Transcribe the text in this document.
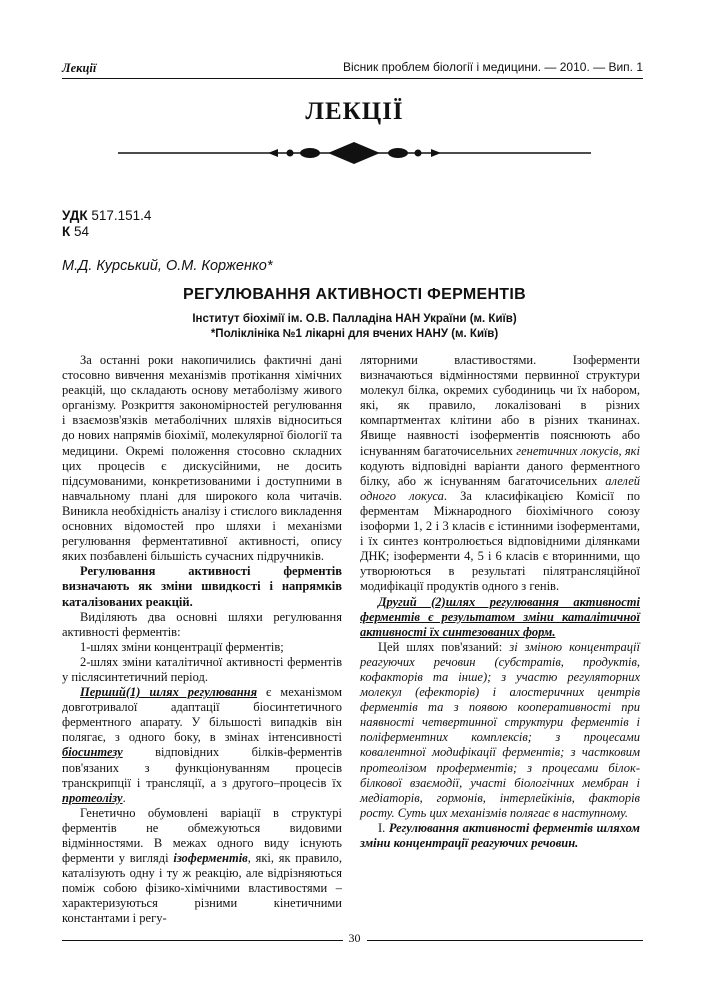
Лекції	Вісник проблем біології і медицини. — 2010. — Вип. 1
ЛЕКЦІЇ
УДК 517.151.4
К 54
М.Д. Курський, О.М. Корженко*
РЕГУЛЮВАННЯ АКТИВНОСТІ ФЕРМЕНТІВ
Інститут біохімії ім. О.В. Палладіна НАН України (м. Київ)
*Поліклініка №1 лікарні для вчених НАНУ (м. Київ)

За останні роки накопичились фактичні дані стосовно вивчення механізмів протікання хімічних реакцій, що складають основу метаболізму живого організму. Розкриття закономірностей регулювання і взаємозв'язків метаболічних шляхів відноситься до нових напрямів біохімії, молекулярної біології та медицини. Окремі положення стосовно складних цих процесів є дискусійними, не досить підсумованими, конкретизованими і доступними в навчальному плані для широкого кола читачів. Виникла необхідність аналізу і стислого викладення основних відомостей про шляхи і механізми регулювання ферментативної активності, опису яких позбавлені більшість сучасних підручників.

Регулювання активності ферментів визначають як зміни швидкості і напрямків каталізованих реакцій.

Виділяють два основні шляхи регулювання активності ферментів:

1-шлях зміни концентрації ферментів;

2-шлях зміни каталітичної активності ферментів у післясинтетичний період.

Перший(1) шлях регулювання є механізмом довготривалої адаптації біосинтетичного ферментного апарату. У більшості випадків він полягає, з одного боку, в змінах інтенсивності біосинтезу відповідних білків-ферментів пов'язаних з функціонуванням процесів транскрипції і трансляції, а з другого–процесів їх протеолізу.

Генетично обумовлені варіації в структурі ферментів не обмежуються видовими відмінностями. В межах одного виду існують ферменти у вигляді ізоферментів, які, як правило, каталізують одну і ту ж реакцію, але відрізняються поміж собою фізико-хімічними властивостями – характеризуються різними кінетичними константами і регу-

ляторними властивостями. Ізоферменти визначаються відмінностями первинної структури молекул білка, окремих субодиниць чи їх набором, які, як правило, локалізовані в різних компартментах клітини або в різних тканинах. Явище наявності ізоферментів пояснюють або існуванням багаточисельних генетичних локусів, які кодують відповідні варіанти даного ферментного білку, або ж існуванням багаточисельних алелей одного локуса. За класифікацією Комісії по ферментам Міжнародного біохімічного союзу ізоформи 1, 2 і 3 класів є істинними ізоферментами, і їх синтез контролюється відповідними ділянками ДНК; ізоферменти 4, 5 і 6 класів є вторинними, що утворюються в результаті пілятрансляційної модифікації продуктів одного з генів.

Другий (2)шлях регулювання активності ферментів є результатом зміни каталітичної активності їх синтезованих форм.

Цей шлях пов'язаний: зі зміною концентрації реагуючих речовин (субстратів, продуктів, кофакторів та інше); з участю регуляторних молекул (ефекторів) і алостеричних центрів ферментів та з появою кооперативності при наявності четвертинної структури ферментів і поліферментних комплексів; з процесами ковалентної модифікації ферментів; з частковим протеолізом проферментів; з процесами білок-білкової взаємодії, участі біологічних мембран і медіаторів, гормонів, інтерлейкінів, факторів росту. Суть цих механізмів полягає в наступному.

І. Регулювання активності ферментів шляхом зміни концентрації реагуючих речовин.

30
